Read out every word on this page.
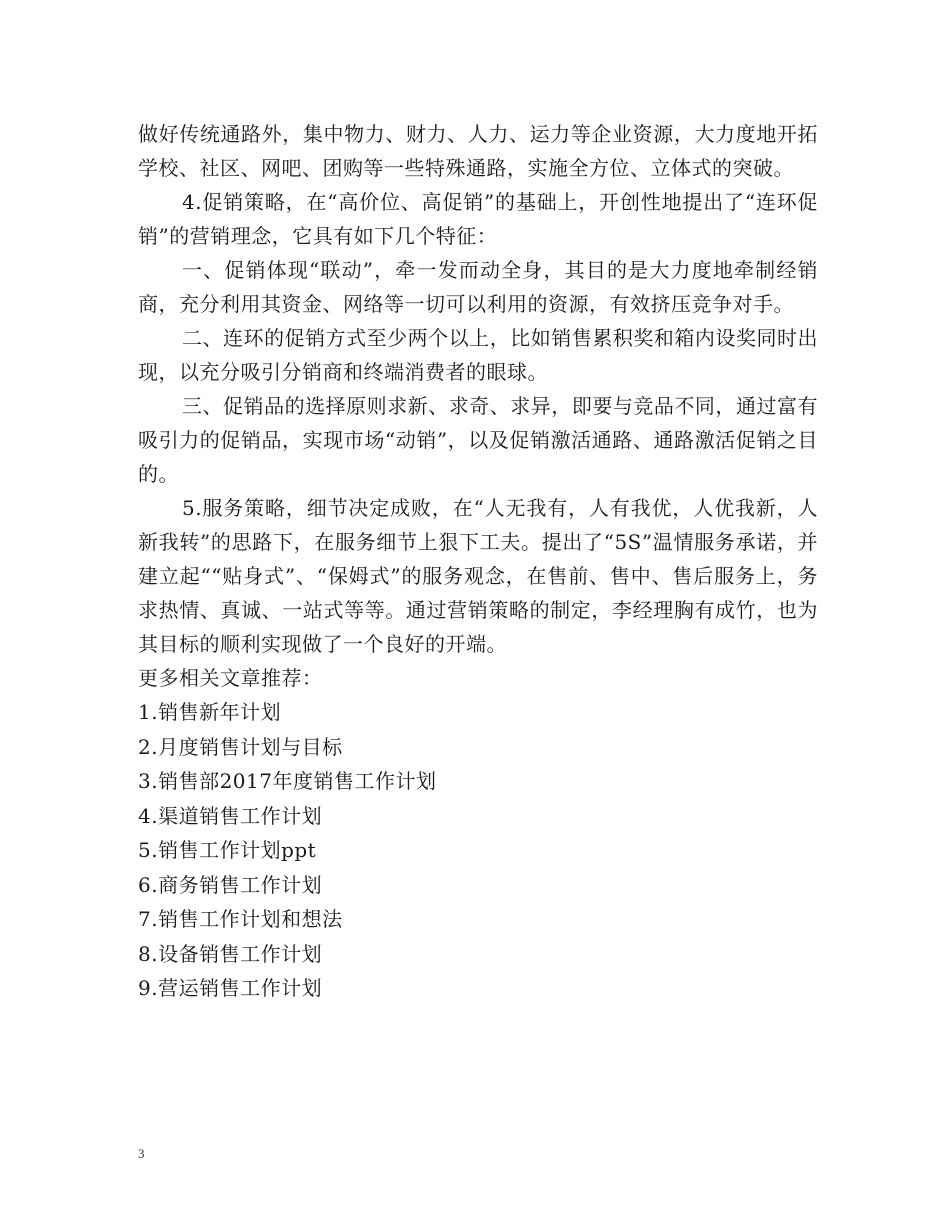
做好传统通路外，集中物力、财力、人力、运力等企业资源，大力度地开拓学校、社区、网吧、团购等一些特殊通路，实施全方位、立体式的突破。

4.促销策略，在“高价位、高促销”的基础上，开创性地提出了“连环促销”的营销理念，它具有如下几个特征：

一、促销体现“联动”，牵一发而动全身，其目的是大力度地牵制经销商，充分利用其资金、网络等一切可以利用的资源，有效挤压竞争对手。

二、连环的促销方式至少两个以上，比如销售累积奖和箱内设奖同时出现，以充分吸引分销商和终端消费者的眼球。

三、促销品的选择原则求新、求奇、求异，即要与竞品不同，通过富有吸引力的促销品，实现市场“动销”，以及促销激活通路、通路激活促销之目的。

5.服务策略，细节决定成败，在“人无我有，人有我优，人优我新，人新我转”的思路下，在服务细节上狠下工夫。提出了“5S”温情服务承诺，并建立起““贴身式”、“保姆式”的服务观念，在售前、售中、售后服务上，务求热情、真诚、一站式等等。通过营销策略的制定，李经理胸有成竹，也为其目标的顺利实现做了一个良好的开端。

更多相关文章推荐：

1.销售新年计划
2.月度销售计划与目标
3.销售部2017年度销售工作计划
4.渠道销售工作计划
5.销售工作计划ppt
6.商务销售工作计划
7.销售工作计划和想法
8.设备销售工作计划
9.营运销售工作计划
3
